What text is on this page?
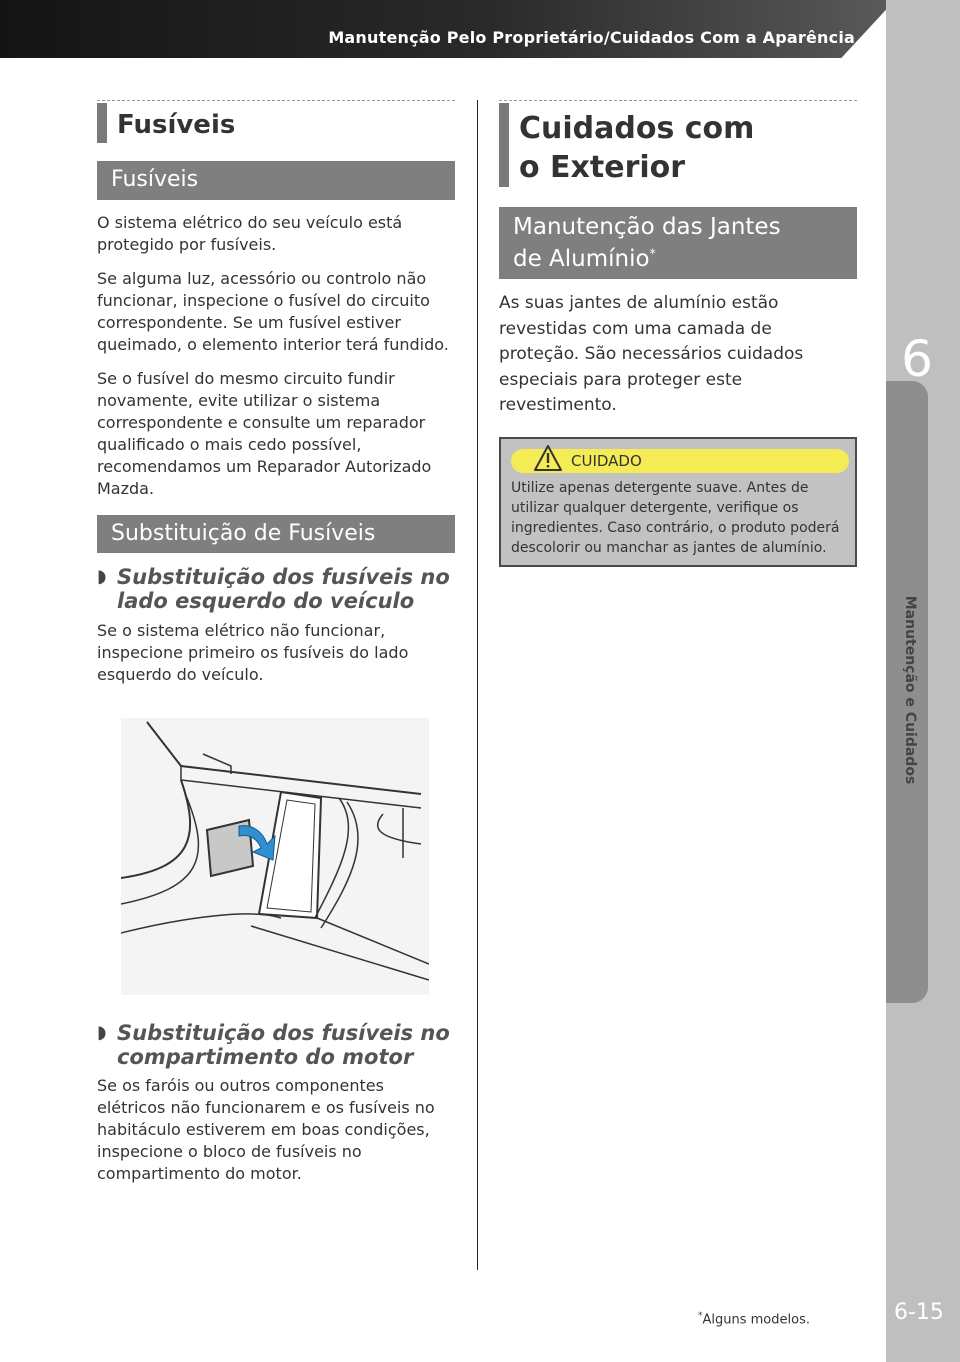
Manutenção Pelo Proprietário/Cuidados Com a Aparência
6
Manutenção e Cuidados
Fusíveis
Fusíveis

O sistema elétrico do seu veículo está protegido por fusíveis.

Se alguma luz, acessório ou controlo não funcionar, inspecione o fusível do circuito correspondente. Se um fusível estiver queimado, o elemento interior terá fundido.

Se o fusível do mesmo circuito fundir novamente, evite utilizar o sistema correspondente e consulte um reparador qualificado o mais cedo possível, recomendamos um Reparador Autorizado Mazda.

Substituição de Fusíveis
◗ Substituição dos fusíveis no lado esquerdo do veículo

Se o sistema elétrico não funcionar, inspecione primeiro os fusíveis do lado esquerdo do veículo.

◗ Substituição dos fusíveis no compartimento do motor

Se os faróis ou outros componentes elétricos não funcionarem e os fusíveis no habitáculo estiverem em boas condições, inspecione o bloco de fusíveis no compartimento do motor.

Cuidados com
o Exterior
Manutenção das Jantes
de Alumínio*

As suas jantes de alumínio estão revestidas com uma camada de proteção. São necessários cuidados especiais para proteger este revestimento.

CUIDADO
Utilize apenas detergente suave. Antes de utilizar qualquer detergente, verifique os ingredientes. Caso contrário, o produto poderá descolorir ou manchar as jantes de alumínio.
*Alguns modelos.	6-15
